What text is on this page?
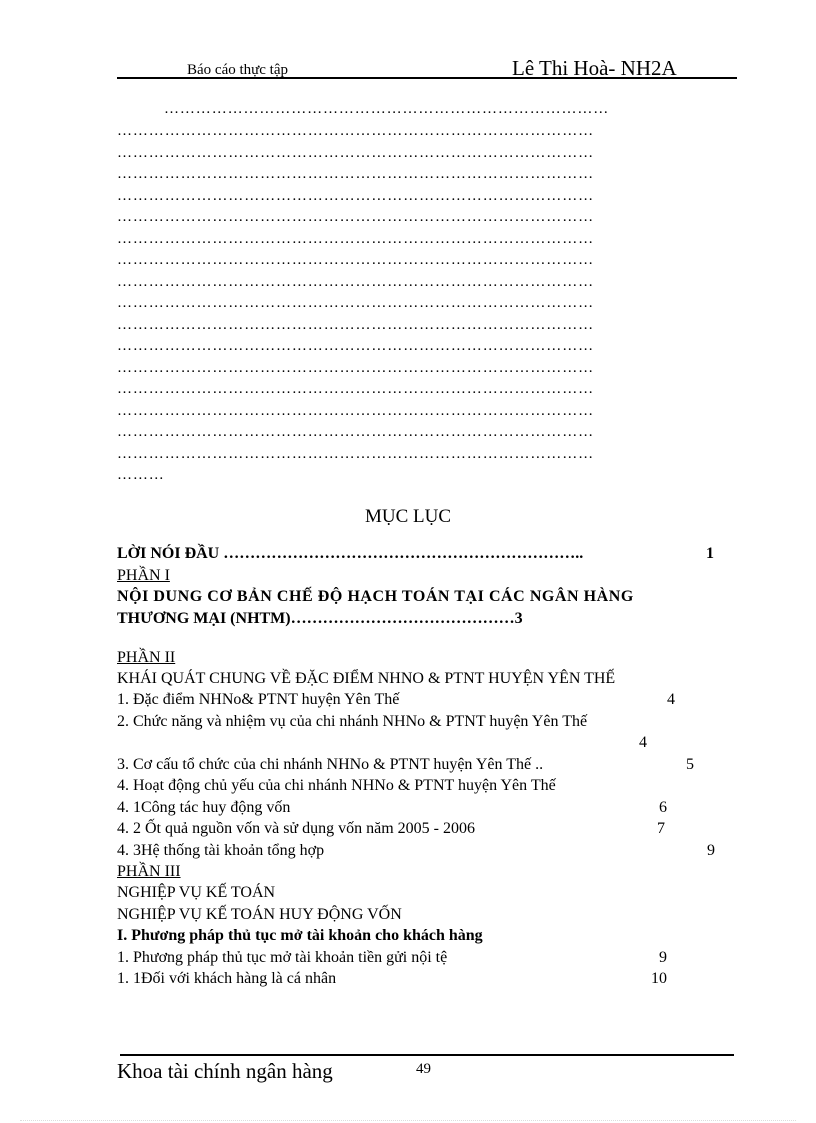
Báo cáo thực tập	Lê Thi Hoà- NH2A
…………………………………………………………………………
………………………………………………………………………………
………………………………………………………………………………
………………………………………………………………………………
………………………………………………………………………………
………………………………………………………………………………
………………………………………………………………………………
………………………………………………………………………………
………………………………………………………………………………
………………………………………………………………………………
………………………………………………………………………………
………………………………………………………………………………
………………………………………………………………………………
………………………………………………………………………………
………………………………………………………………………………
………………………………………………………………………………
………………………………………………………………………………
………
MỤC LỤC
LỜI NÓI ĐẦU …………………………………………………………..	1
PHẦN I
NỘI DUNG CƠ BẢN CHẾ ĐỘ HẠCH TOÁN TẠI CÁC NGÂN HÀNG
THƯƠNG MẠI (NHTM)……………………………………3
PHẦN II
KHÁI QUÁT CHUNG VỀ ĐẶC ĐIỂM NHNO & PTNT HUYỆN YÊN THẾ
1. Đặc điểm NHNo& PTNT huyện Yên Thế	4
2. Chức năng và nhiệm vụ của chi nhánh NHNo & PTNT huyện Yên Thế
4
3. Cơ cấu tổ chức của chi nhánh NHNo & PTNT huyện Yên Thế ..	5
4. Hoạt động chủ yếu của chi nhánh NHNo & PTNT huyện Yên Thế
4. 1Công tác huy động vốn	6
4. 2 Ốt quả nguồn vốn và sử dụng vốn năm 2005 - 2006	7
4. 3Hệ thống tài khoản tổng hợp	9
PHẦN III
NGHIỆP VỤ KẾ TOÁN
NGHIỆP VỤ KẾ TOÁN HUY ĐỘNG VỐN
I. Phương pháp thủ tục mở tài khoản cho khách hàng
1. Phương pháp thủ tục mở tài khoản tiền gửi nội tệ	9
1. 1Đối với khách hàng là cá nhân	10
Khoa tài chính ngân hàng	49
